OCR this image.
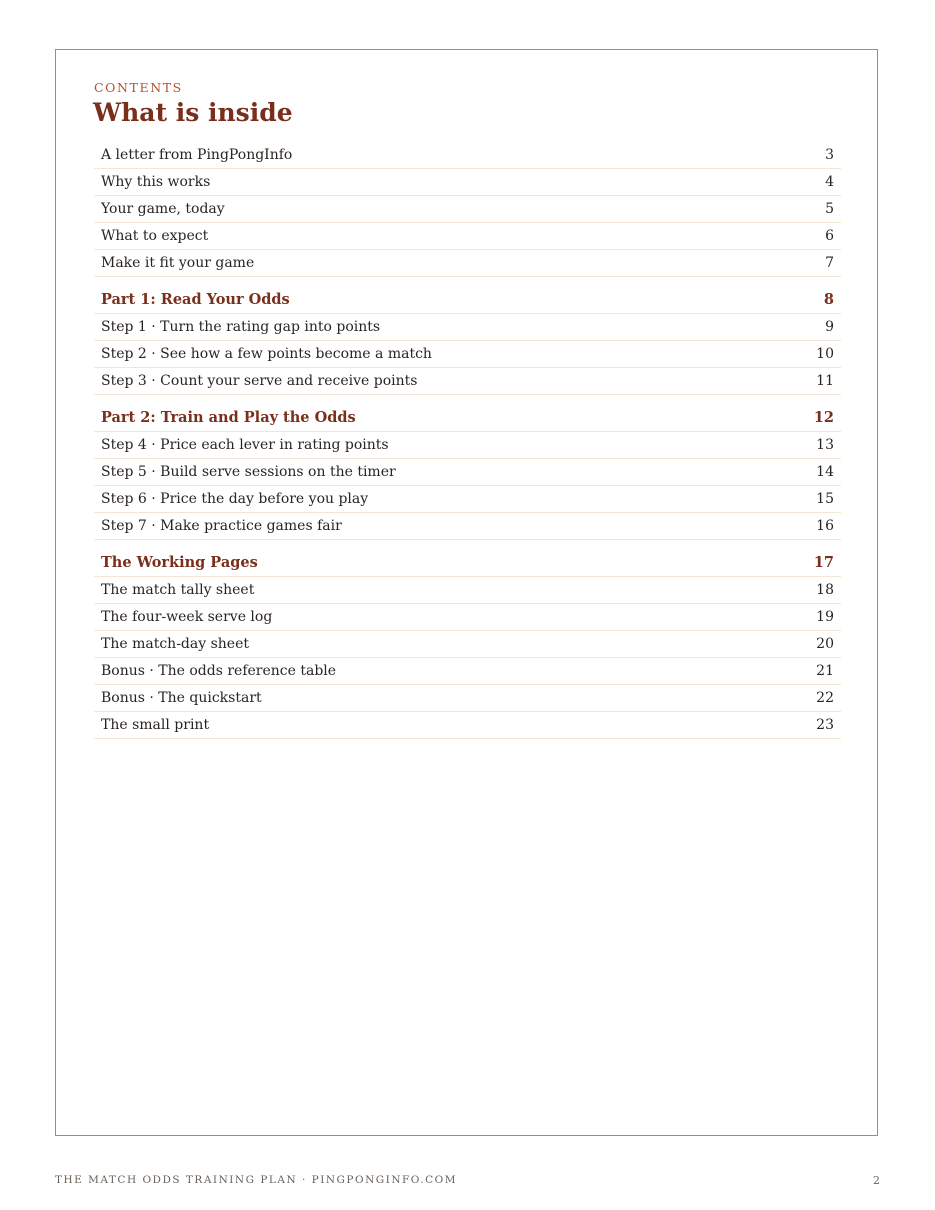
CONTENTS
What is inside
A letter from PingPongInfo	3
Why this works	4
Your game, today	5
What to expect	6
Make it fit your game	7
Part 1: Read Your Odds	8
Step 1 · Turn the rating gap into points	9
Step 2 · See how a few points become a match	10
Step 3 · Count your serve and receive points	11
Part 2: Train and Play the Odds	12
Step 4 · Price each lever in rating points	13
Step 5 · Build serve sessions on the timer	14
Step 6 · Price the day before you play	15
Step 7 · Make practice games fair	16
The Working Pages	17
The match tally sheet	18
The four-week serve log	19
The match-day sheet	20
Bonus · The odds reference table	21
Bonus · The quickstart	22
The small print	23
THE MATCH ODDS TRAINING PLAN · PINGPONGINFO.COM	2
